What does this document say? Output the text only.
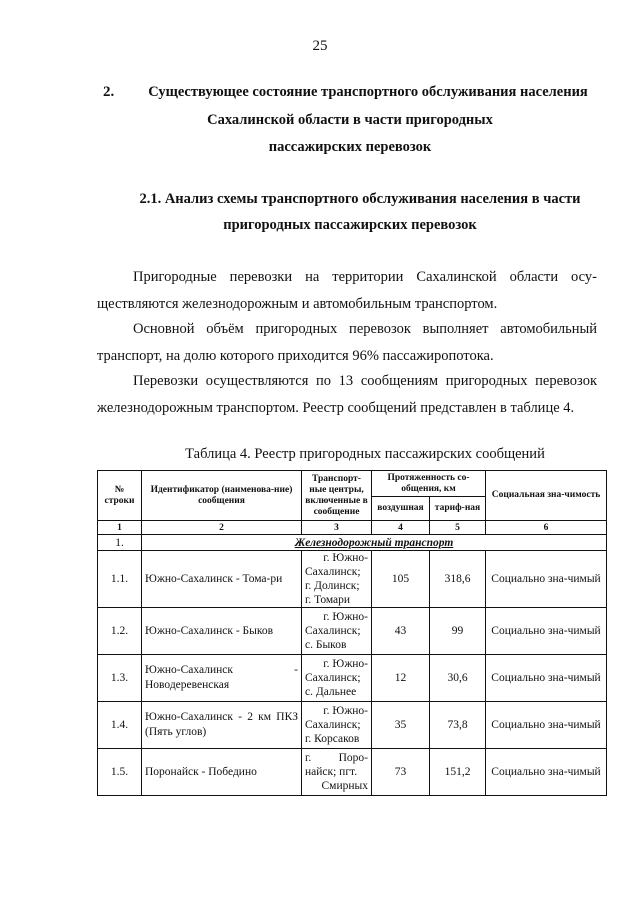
25
2.	Существующее состояние транспортного обслуживания населения
Сахалинской области в части пригородных
пассажирских перевозок
2.1. Анализ схемы транспортного обслуживания населения в части
пригородных пассажирских перевозок
Пригородные перевозки на территории Сахалинской области осу-
ществляются железнодорожным и автомобильным транспортом.
Основной объём пригородных перевозок выполняет автомобильный
транспорт, на долю которого приходится 96% пассажиропотока.
Перевозки осуществляются по 13 сообщениям пригородных перевозок
железнодорожным транспортом. Реестр сообщений представлен в таблице 4.
Таблица 4. Реестр пригородных пассажирских сообщений
№ строки	Идентификатор (наименова-ние) сообщения	Транспорт-ные центры, включенные в сообщение	Протяженность со-общения, км		Социальная зна-чимость
			воздушная	тариф-ная	
1	2	3	4	5	6
1.	Железнодорожный транспорт				
1.1.	Южно-Сахалинск - Тома-ри	г. Южно-
Сахалинск;
г. Долинск;
г. Томари	105	318,6	Социально зна-чимый
1.2.	Южно-Сахалинск - Быков	г. Южно-
Сахалинск;
с. Быков	43	99	Социально зна-чимый
1.3.	Южно-Сахалинск - Новодеревенская	г. Южно-
Сахалинск;
с. Дальнее	12	30,6	Социально зна-чимый
1.4.	Южно-Сахалинск - 2 км ПКЗ (Пять углов)	г. Южно-
Сахалинск;
г. Корсаков	35	73,8	Социально зна-чимый
1.5.	Поронайск - Победино	г. Поро-
найск; пгт.
Смирных	73	151,2	Социально зна-чимый
